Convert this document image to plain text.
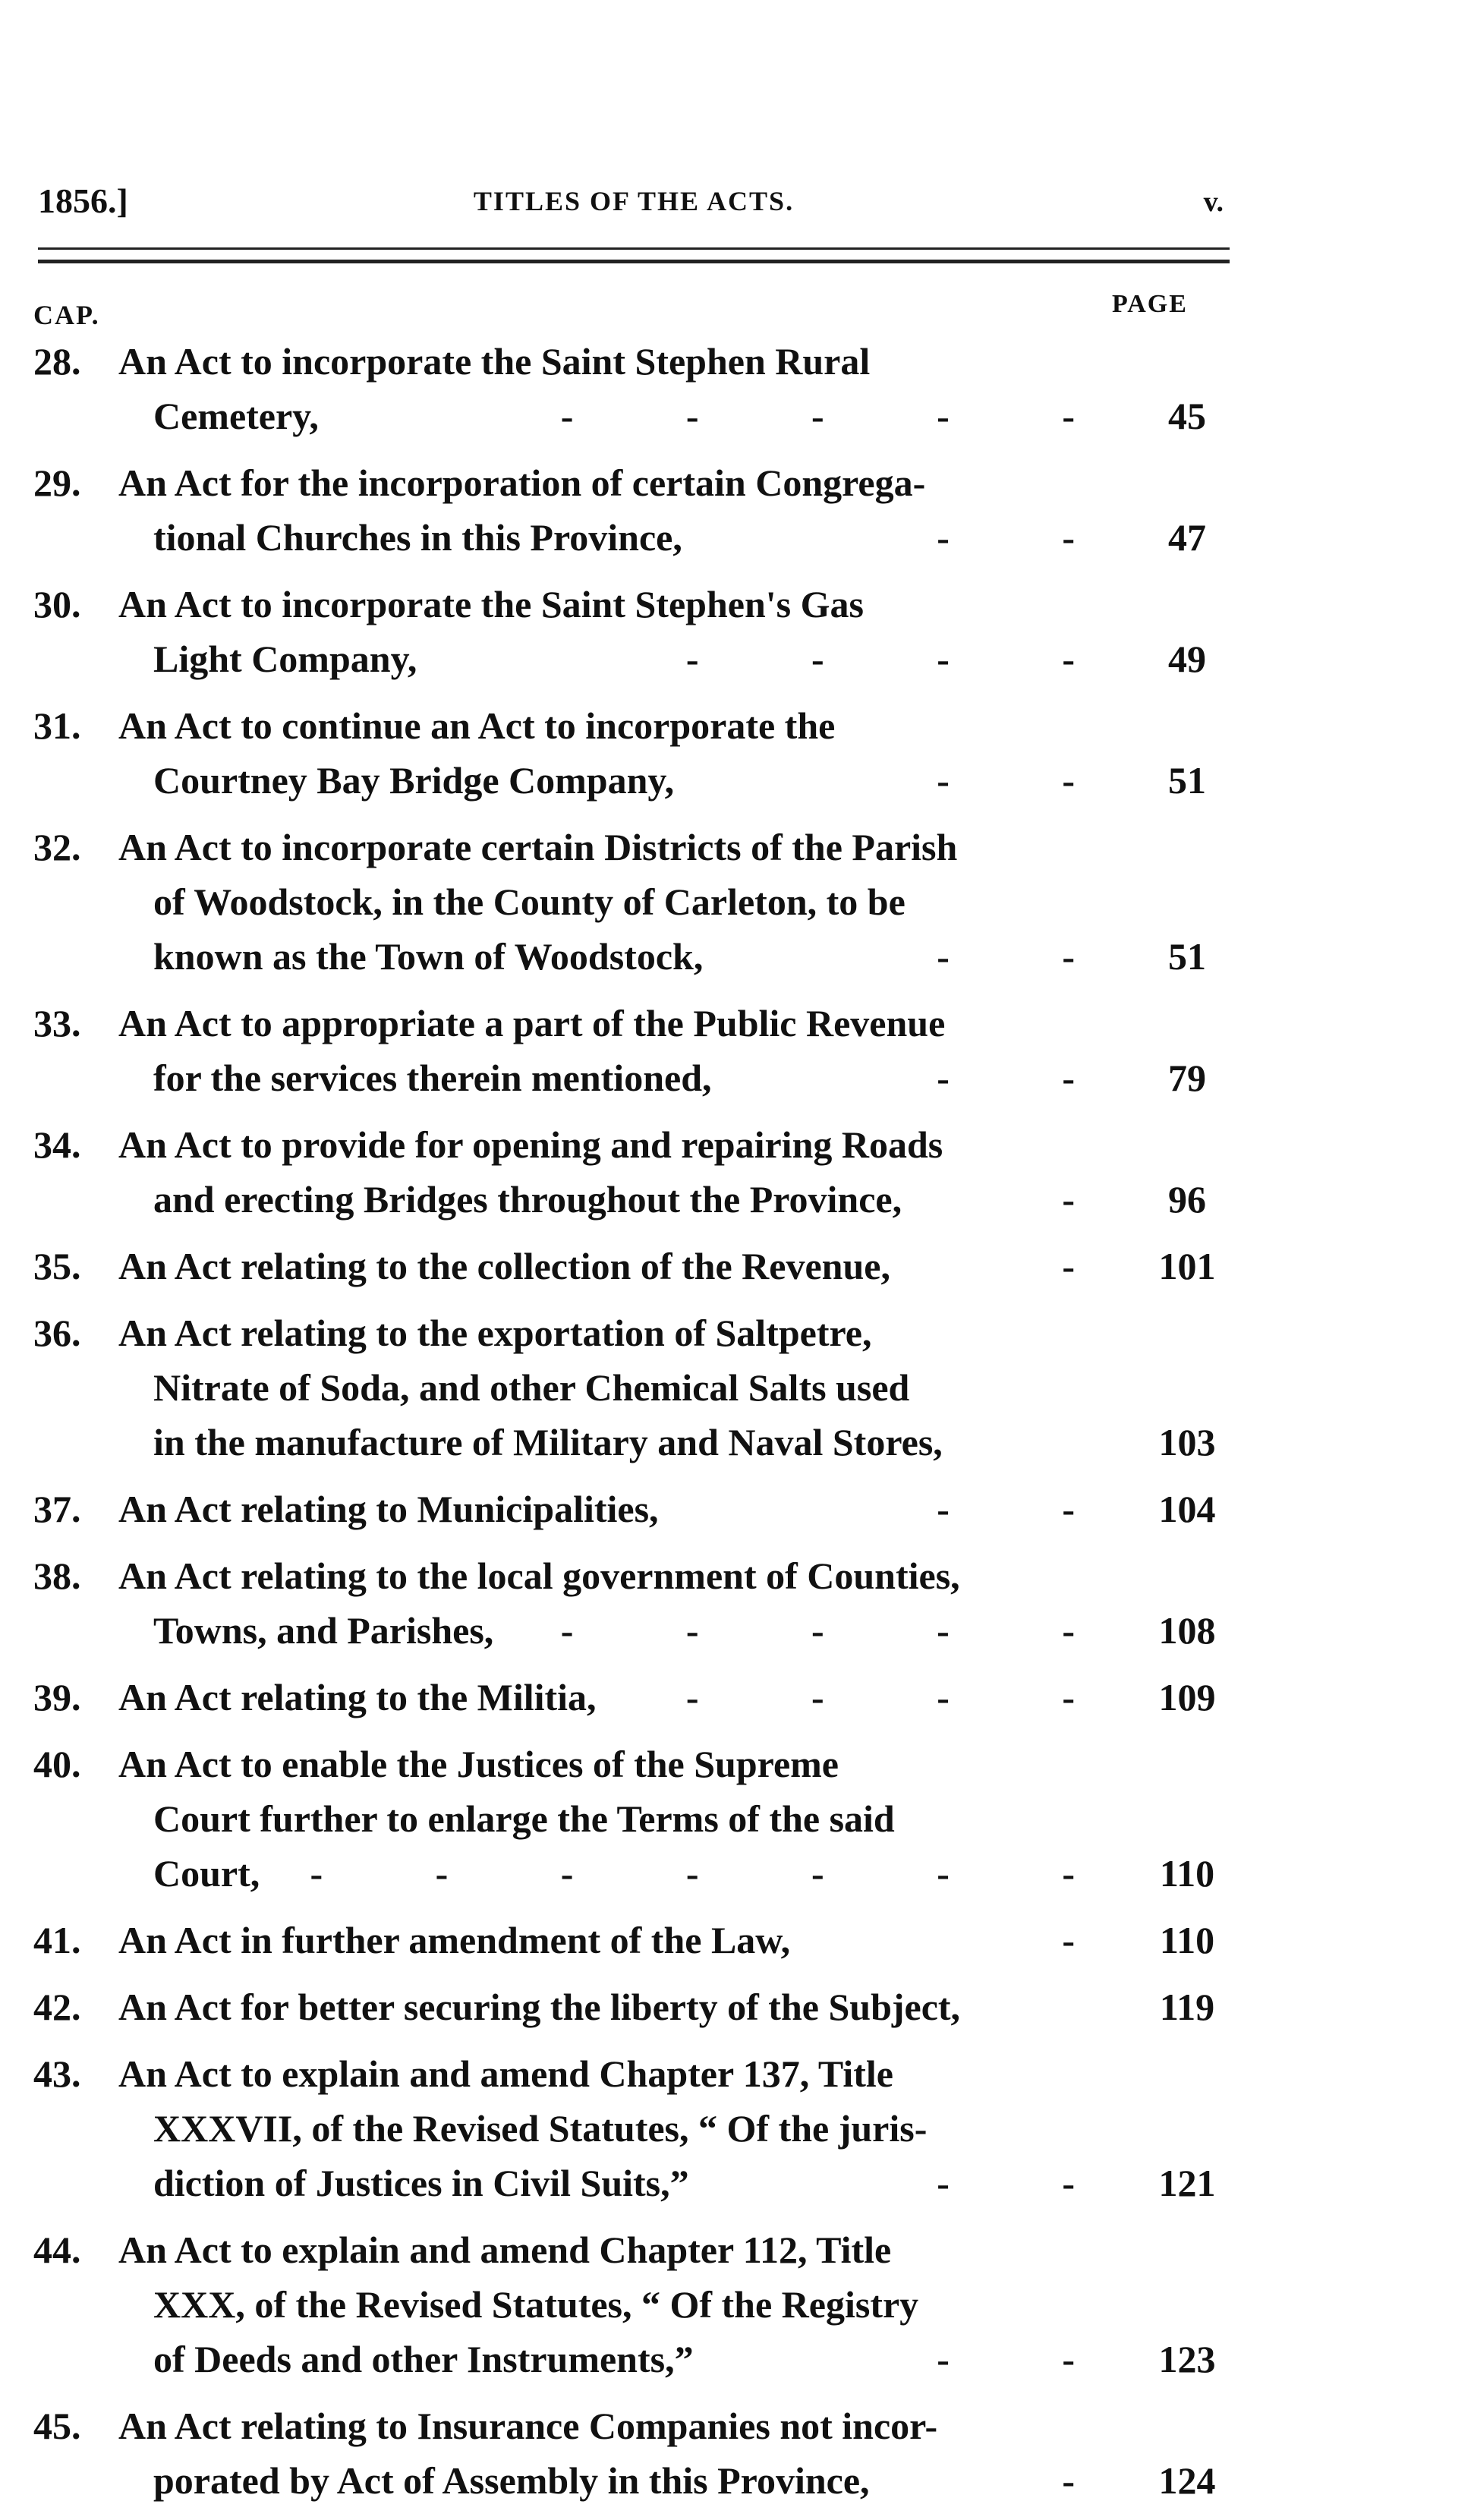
1856.]	TITLES OF THE ACTS.	v.
CAP.	PAGE
28. An Act to incorporate the Saint Stephen Rural
Cemetery,	- - - - -	45
29. An Act for the incorporation of certain Congrega-
tional Churches in this Province,	- -	47
30. An Act to incorporate the Saint Stephen's Gas
Light Company,	- - - -	49
31. An Act to continue an Act to incorporate the
Courtney Bay Bridge Company,	- -	51
32. An Act to incorporate certain Districts of the Parish
of Woodstock, in the County of Carleton, to be
known as the Town of Woodstock,	- -	51
33. An Act to appropriate a part of the Public Revenue
for the services therein mentioned,	- -	79
34. An Act to provide for opening and repairing Roads
and erecting Bridges throughout the Province,	-	96
35. An Act relating to the collection of the Revenue,	- 101
36. An Act relating to the exportation of Saltpetre,
Nitrate of Soda, and other Chemical Salts used
in the manufacture of Military and Naval Stores,	103
37. An Act relating to Municipalities,	- - 104
38. An Act relating to the local government of Counties,
Towns, and Parishes,	- - - - - 108
39. An Act relating to the Militia,	- - - - 109
40. An Act to enable the Justices of the Supreme
Court further to enlarge the Terms of the said
Court,	- - - - - - - 110
41. An Act in further amendment of the Law,	- 110
42. An Act for better securing the liberty of the Subject,	119
43. An Act to explain and amend Chapter 137, Title
XXXVII, of the Revised Statutes, “ Of the juris-
diction of Justices in Civil Suits,”	- - 121
44. An Act to explain and amend Chapter 112, Title
XXX, of the Revised Statutes, “ Of the Registry
of Deeds and other Instruments,”	- - 123
45. An Act relating to Insurance Companies not incor-
porated by Act of Assembly in this Province,	- 124
